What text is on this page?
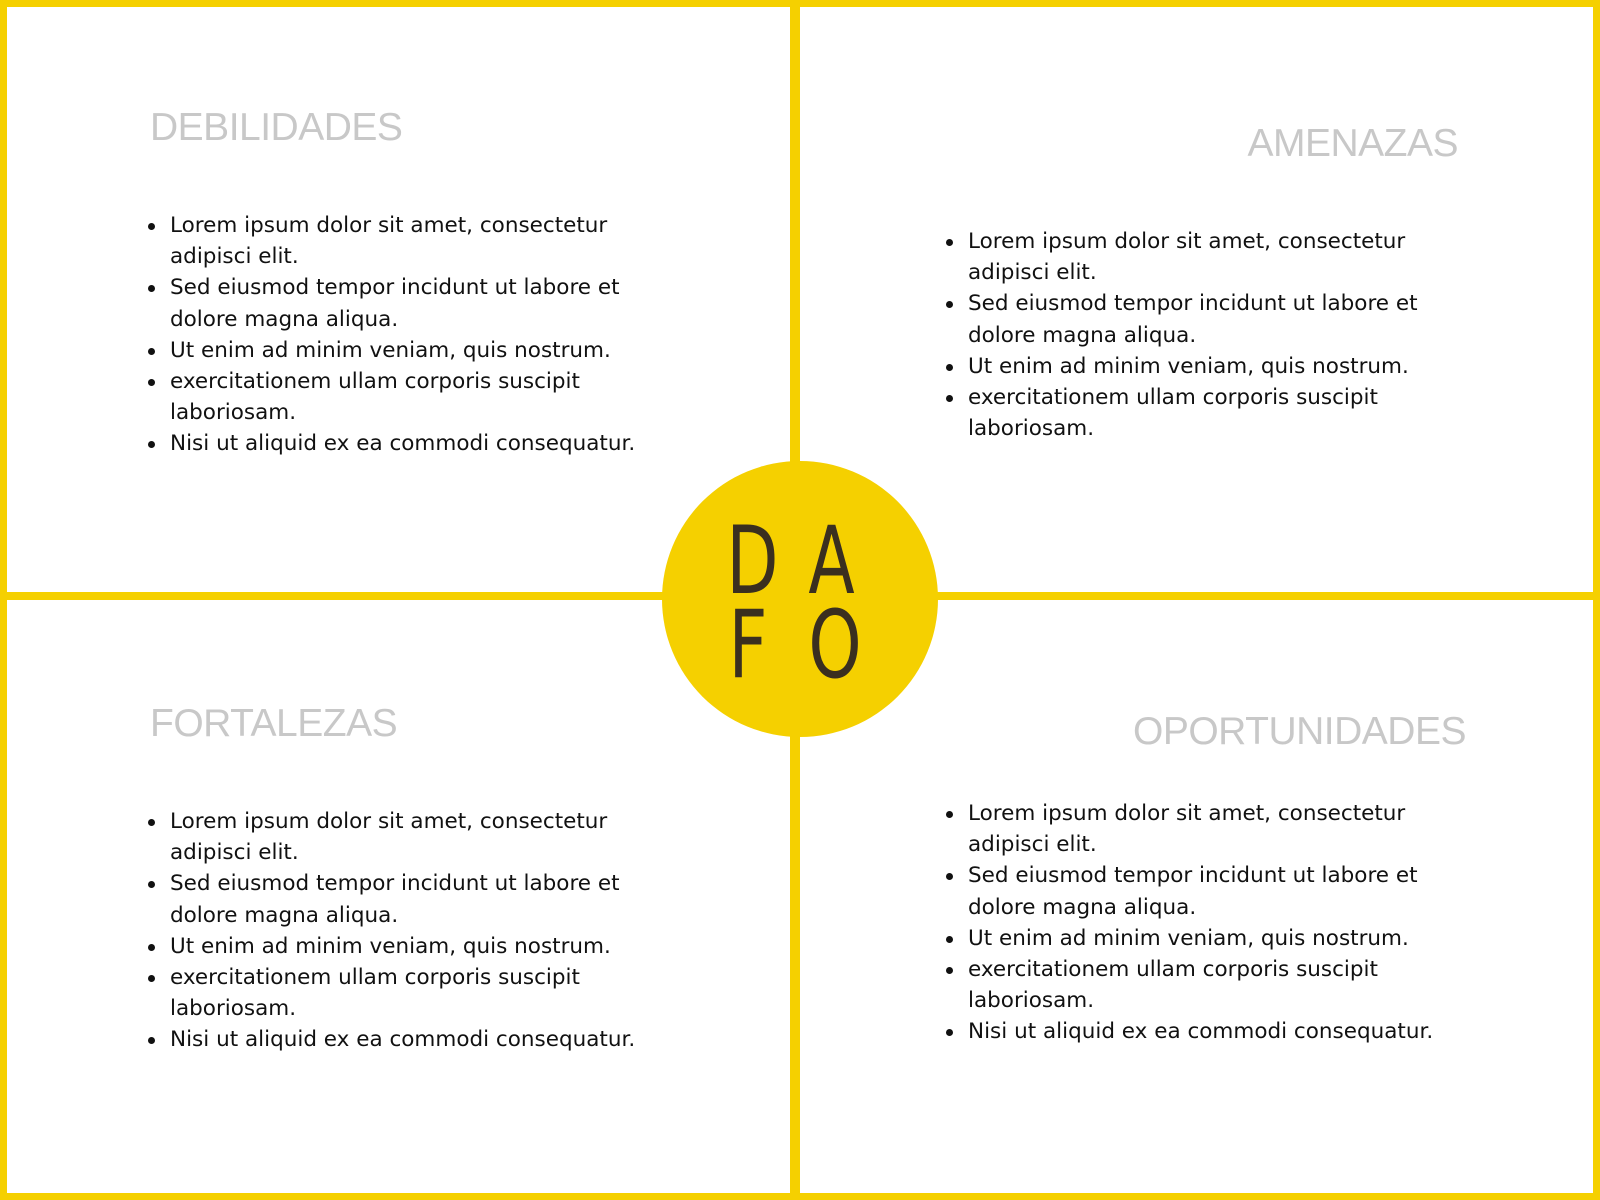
DEBILIDADES
Lorem ipsum dolor sit amet, consectetur adipisci elit.
Sed eiusmod tempor incidunt ut labore et dolore magna aliqua.
Ut enim ad minim veniam, quis nostrum.
exercitationem ullam corporis suscipit laboriosam.
Nisi ut aliquid ex ea commodi consequatur.
AMENAZAS
Lorem ipsum dolor sit amet, consectetur adipisci elit.
Sed eiusmod tempor incidunt ut labore et dolore magna aliqua.
Ut enim ad minim veniam, quis nostrum.
exercitationem ullam corporis suscipit laboriosam.
FORTALEZAS
Lorem ipsum dolor sit amet, consectetur adipisci elit.
Sed eiusmod tempor incidunt ut labore et dolore magna aliqua.
Ut enim ad minim veniam, quis nostrum.
exercitationem ullam corporis suscipit laboriosam.
Nisi ut aliquid ex ea commodi consequatur.
OPORTUNIDADES
Lorem ipsum dolor sit amet, consectetur adipisci elit.
Sed eiusmod tempor incidunt ut labore et dolore magna aliqua.
Ut enim ad minim veniam, quis nostrum.
exercitationem ullam corporis suscipit laboriosam.
Nisi ut aliquid ex ea commodi consequatur.
D A
F O
